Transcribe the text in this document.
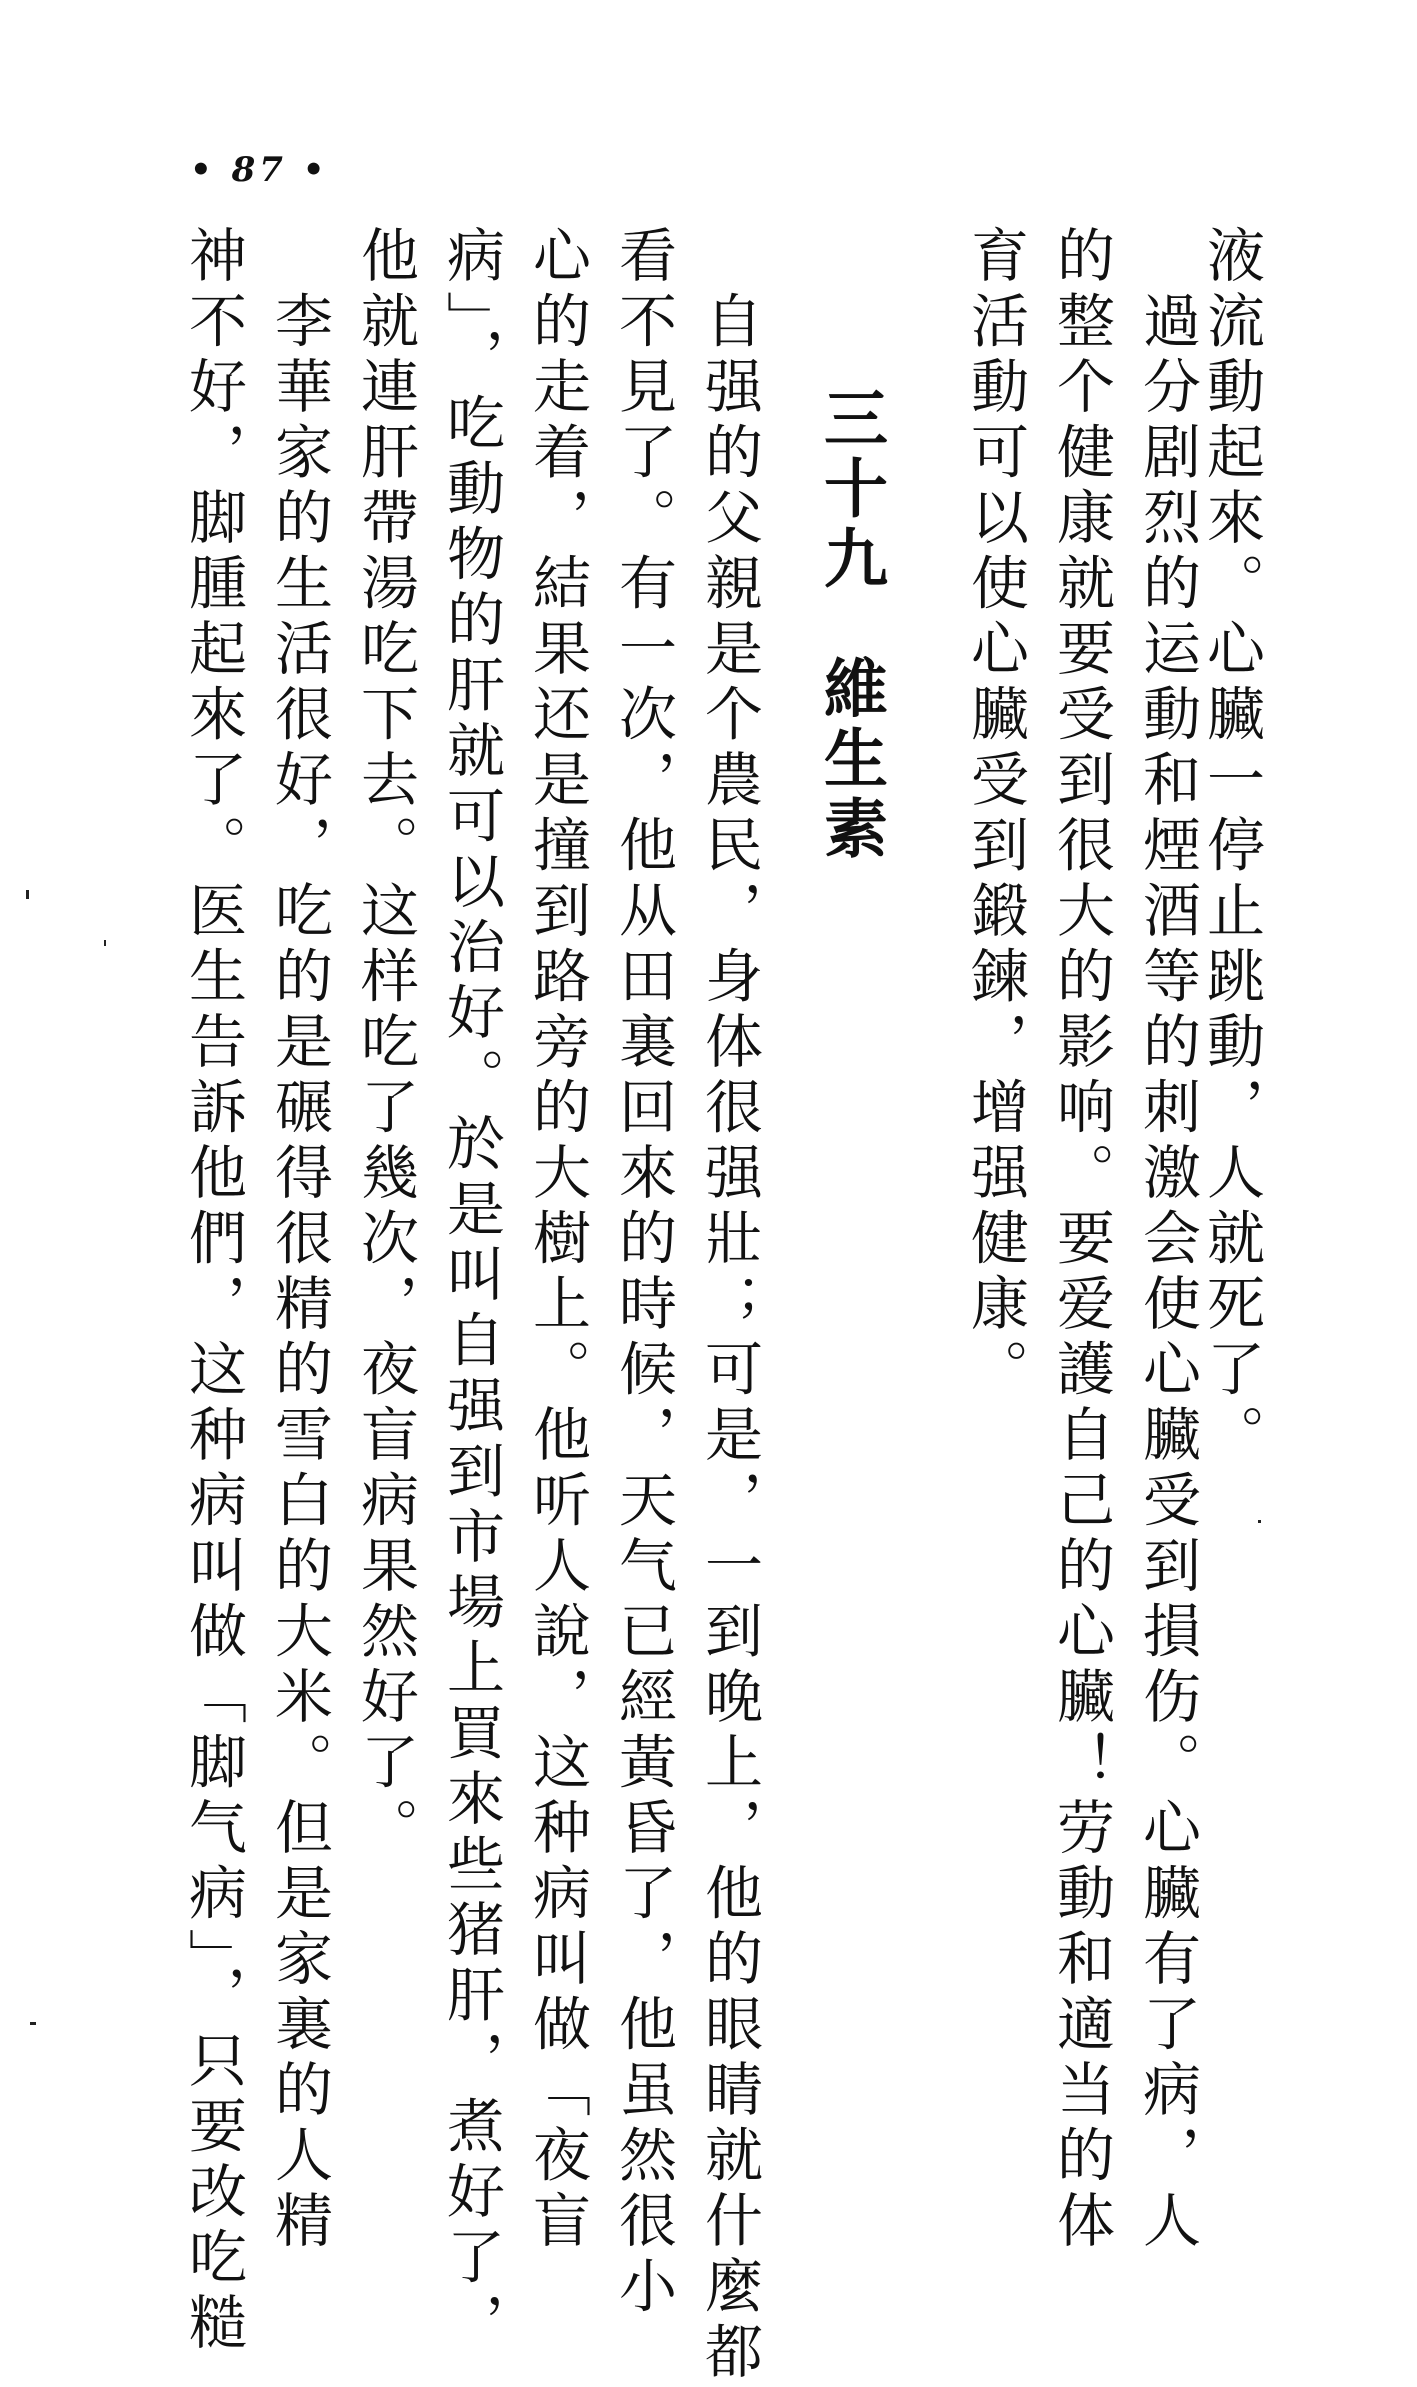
• 87 •
液流動起來。心臟一停止跳動，人就死了。
　過分剧烈的运動和煙酒等的刺激会使心臟受到損伤。心臟有了病，人
的整个健康就要受到很大的影响。要爱護自己的心臟！劳動和適当的体
育活動可以使心臟受到鍛鍊，增强健康。
三十九維生素
　自强的父親是个農民，身体很强壯；可是，一到晚上，他的眼睛就什麼都
看不見了。有一次，他从田裏回來的時候，天气已經黃昏了，他虽然很小
心的走着，結果还是撞到路旁的大樹上。他听人說，这种病叫做「夜盲
病」，吃動物的肝就可以治好。於是叫自强到市場上買來些猪肝，煮好了，
他就連肝帶湯吃下去。这样吃了幾次，夜盲病果然好了。
　李華家的生活很好，吃的是碾得很精的雪白的大米。但是家裏的人精
神不好，脚腫起來了。医生告訴他們，这种病叫做「脚气病」，只要改吃糙
